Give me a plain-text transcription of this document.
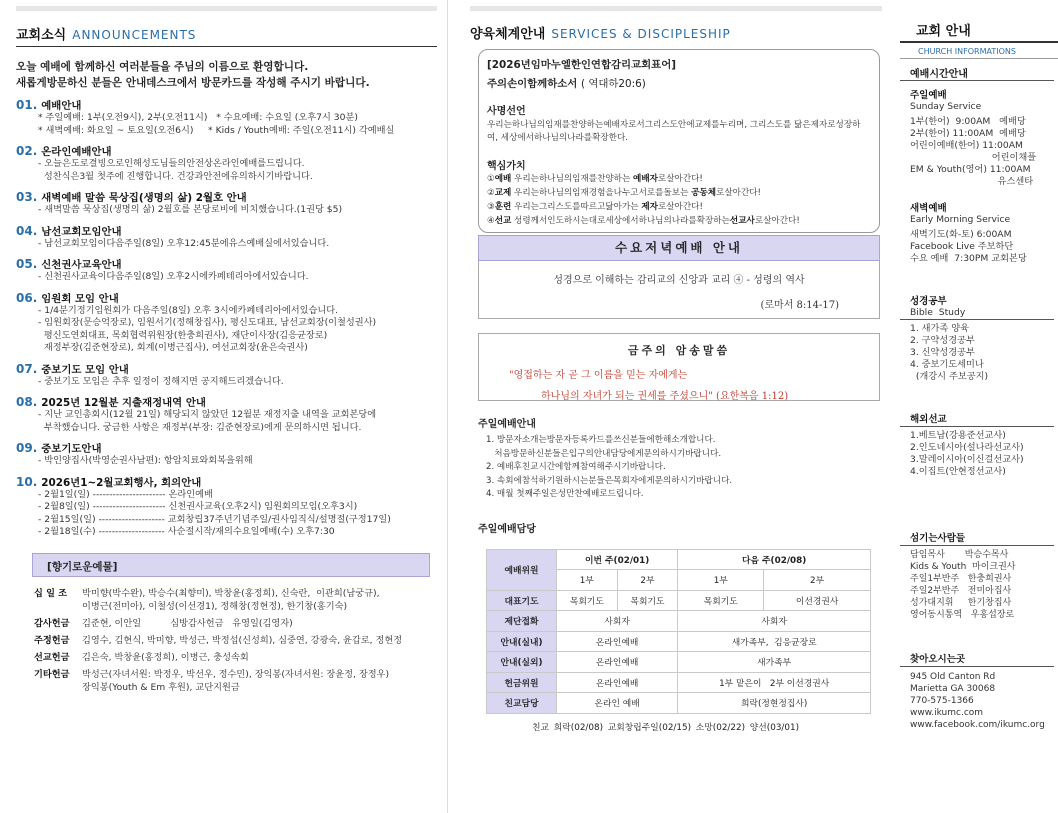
교회소식 ANNOUNCEMENTS
오늘 예배에 함께하신 여러분들을 주님의 이름으로 환영합니다.
새롭게방문하신 분들은 안내데스크에서 방문카드를 작성해 주시기 바랍니다.
01. 예배안내
* 주일예배: 1부(오전9시), 2부(오전11시)   * 수요예배: 수요일 (오후7시 30분)
* 새벽예배: 화요일 ~ 토요일(오전6시)     * Kids / Youth예배: 주일(오전11시) 각예배실
02. 온라인예배안내
- 오늘은도로결빙으로인해성도님들의안전상온라인예배를드립니다.
성찬식은3월 첫주에 진행합니다. 건강과안전에유의하시기바랍니다.
03. 새벽예배 말씀 묵상집(생명의 삶) 2월호 안내
- 새벽말씀 묵상집(생명의 삶) 2월호를 본당로비에 비치했습니다.(1권당 $5)
04. 남선교회모임안내
- 남선교회모임이다음주일(8일) 오후12:45분에유스예배실에서있습니다.
05. 신천권사교육안내
- 신천권사교육이다음주일(8일) 오후2시에카페테리아에서있습니다.
06. 임원회 모임 안내
- 1/4분기정기임원회가 다음주일(8일) 오후 3시에카페테리아에서있습니다.
- 임원회장(문승억장로), 임원서기(정해창집사), 평신도대표, 남선교회장(이철성권사)
평신도연회대표, 목회협력위원장(한충희권사), 재단이사장(김응균장로)
재정부장(김준현장로), 회계(이병근집사), 여선교회장(윤은숙권사)
07. 중보기도 모임 안내
- 중보기도 모임은 추후 일정이 정해지면 공지해드리겠습니다.
08. 2025년 12월분 지출재정내역 안내
- 지난 교인총회시(12월 21일) 해당되지 않았던 12월분 재정지출 내역을 교회본당에
부착했습니다. 궁금한 사항은 재정부(부장: 김준현장로)에게 문의하시면 됩니다.
09. 중보기도안내
- 박인양집사(박영순권사남편): 항암치료와회복을위해
10. 2026년1~2월교회행사, 회의안내
- 2월1일(일) ---------------------- 온라인예배
- 2월8일(일) ---------------------- 신천권사교육(오후2시) 임원회의모임(오후3시)
- 2월15일(일) -------------------- 교회창립37주년기념주일/권사임직식/설명절(구정17일)
- 2월18일(수) -------------------- 사순절시작/재의수요일예배(수) 오후7:30
[향기로운예물]
십 일 조	박미향(박수완), 박승수(최향미), 박창윤(홍정희), 신숙란,  이관희(남궁규),
이병근(전미아), 이철성(이선경1), 정해창(정현정), 한기창(홍기숙)
감사헌금	김준현, 이안일          심방감사헌금   유영일(김영자)
주정헌금	김영수, 김현식, 박미향, 박성근, 박정섭(신성희), 심중연, 강광숙, 윤갑로, 정현정
선교헌금	김은숙, 박창윤(홍정희), 이병근, 충성속회
기타헌금	박성근(자녀서원: 박정우, 박선우, 정수민), 장익봉(자녀서원: 장윤정, 장정우)
장익봉(Youth & Em 후원), 교단지원금
양육체계안내 SERVICES & DISCIPLESHIP
[2026년임마누엘한인연합감리교회표어]
주의손이함께하소서 ( 역대하20:6)
사명선언

우리는하나님의임재를찬양하는예배자로서그리스도안에교제를누리며, 그리스도를 닮은제자로성장하여, 세상에서하나님의나라를확장한다.

핵심가치
①예배 우리는하나님의임재를찬양하는 예배자로살아간다!
②교제 우리는하나님의임재경험을나누고서로를돌보는 공동체로살아간다!
③훈련 우리는그리스도를따르고닮아가는 제자로살아간다!
④선교 성령께서인도하시는대로세상에서하나님의나라를확장하는선교사로살아간다!
수요저녁예배 안내
성경으로 이해하는 감리교의 신앙과 교리 ④ - 성령의 역사
(로마서 8:14-17)
금주의 암송말씀
"영접하는 자 곧 그 이름을 믿는 자에게는
하나님의 자녀가 되는 권세를 주셨으니" (요한복음 1:12)
주일예배안내
1. 방문자소개는방문자등록카드를쓰신분들에한해소개합니다.
처음방문하신분들은입구의안내담당에게문의하시기바랍니다.
2. 예배후친교시간에함께참여해주시기바랍니다.
3. 속회에참석하기원하시는분들은목회자에게문의하시기바랍니다.
4. 매월 첫째주일은성만찬예배로드립니다.
주일예배담당
예배위원	이번 주(02/01)		다음 주(02/08)	
	1부	2부	1부	2부
대표기도	목회기도	목회기도	목회기도	이선경권사
제단접화	사회자		사회자	
안내(실내)	온라인예배		새가족부,  김응균장로	
안내(실외)	온라인예배		새가족부	
헌금위원	온라인예배		1부 맡은이   2부 이선경권사	
친교담당	온라인 예배		희락(정현정집사)	
친교 희락(02/08) 교회창립주일(02/15) 소망(02/22) 양선(03/01)
교회 안내
CHURCH INFORMATIONS
예배시간안내
주일예배
Sunday Service
1부(한어)  9:00AM   예배당
2부(한어) 11:00AM  예배당
어린이예배(한어) 11:00AM
어린이채플
EM & Youth(영어) 11:00AM
유스센타
새벽예배
Early Morning Service
새벽기도(화-토) 6:00AM
Facebook Live 주보하단
수요 예배  7:30PM 교회본당
성경공부
Bible  Study
1. 새가족 양육
2. 구약성경공부
3. 신약성경공부
4. 중보기도세미나
(개강시 주보공지)
해외선교
1.베트남(강용준선교사)
2.인도네시아(설나라선교사)
3.말레이시아(이신걸선교사)
4.이집트(안현정선교사)
섬기는사람들
담임목사       박승수목사
Kids & Youth  마이크권사
주일1부반주   한충희권사
주일2부반주   전미아집사
성가대지휘     한기창집사
영어동시통역   우홍섭장로
찾아오시는곳
945 Old Canton Rd
Marietta GA 30068
770-575-1366
www.ikumc.com
www.facebook.com/ikumc.org
